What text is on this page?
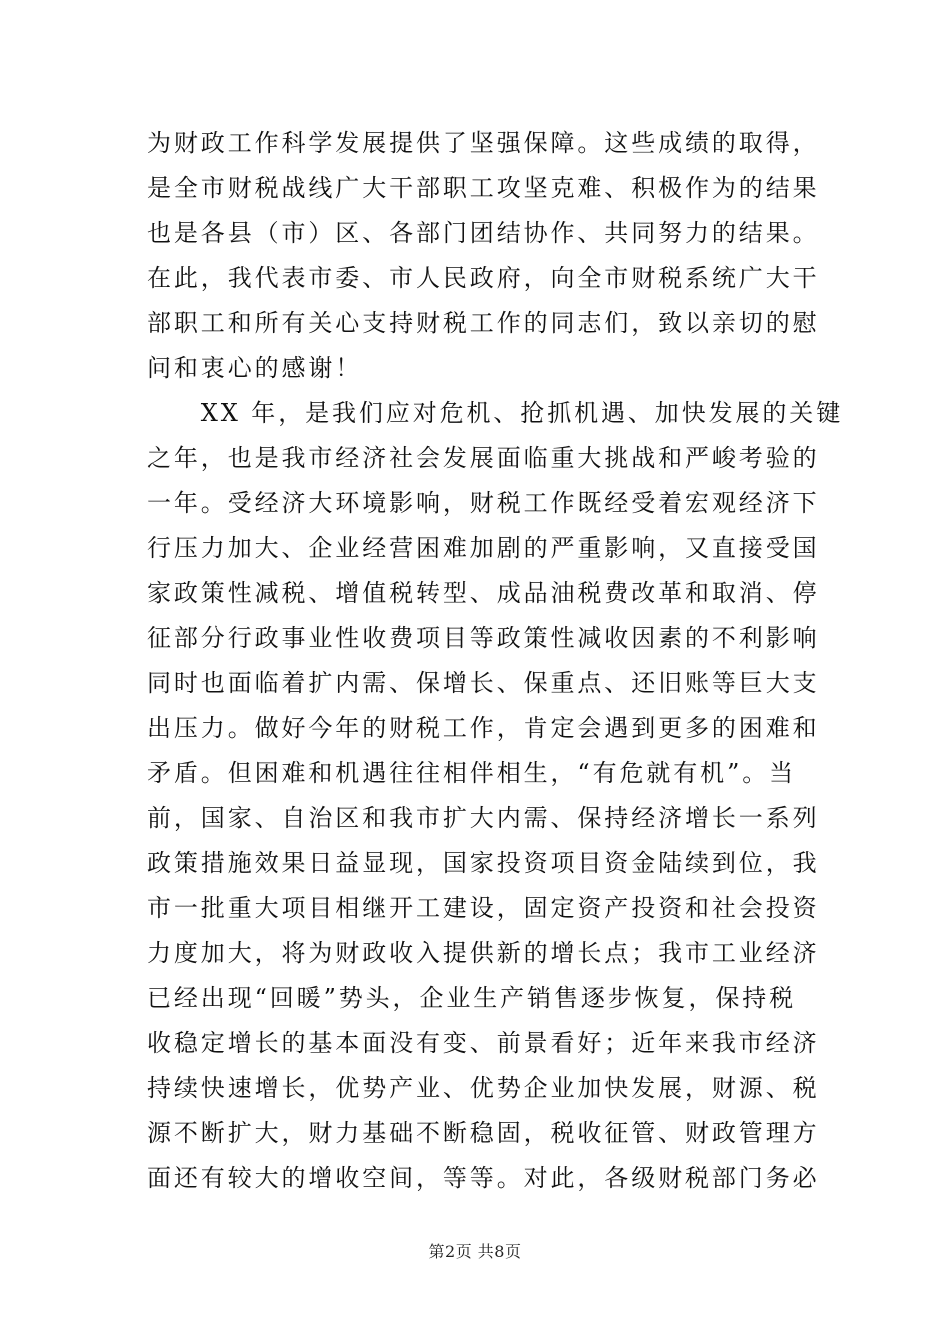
为财政工作科学发展提供了坚强保障。这些成绩的取得，
是全市财税战线广大干部职工攻坚克难、积极作为的结果
也是各县（市）区、各部门团结协作、共同努力的结果。
在此，我代表市委、市人民政府，向全市财税系统广大干
部职工和所有关心支持财税工作的同志们，致以亲切的慰
问和衷心的感谢！
　　XX 年，是我们应对危机、抢抓机遇、加快发展的关键
之年，也是我市经济社会发展面临重大挑战和严峻考验的
一年。受经济大环境影响，财税工作既经受着宏观经济下
行压力加大、企业经营困难加剧的严重影响，又直接受国
家政策性减税、增值税转型、成品油税费改革和取消、停
征部分行政事业性收费项目等政策性减收因素的不利影响
同时也面临着扩内需、保增长、保重点、还旧账等巨大支
出压力。做好今年的财税工作，肯定会遇到更多的困难和
矛盾。但困难和机遇往往相伴相生，“有危就有机”。当
前，国家、自治区和我市扩大内需、保持经济增长一系列
政策措施效果日益显现，国家投资项目资金陆续到位，我
市一批重大项目相继开工建设，固定资产投资和社会投资
力度加大，将为财政收入提供新的增长点；我市工业经济
已经出现“回暖”势头，企业生产销售逐步恢复，保持税
收稳定增长的基本面没有变、前景看好；近年来我市经济
持续快速增长，优势产业、优势企业加快发展，财源、税
源不断扩大，财力基础不断稳固，税收征管、财政管理方
面还有较大的增收空间，等等。对此，各级财税部门务必
第2页 共8页
